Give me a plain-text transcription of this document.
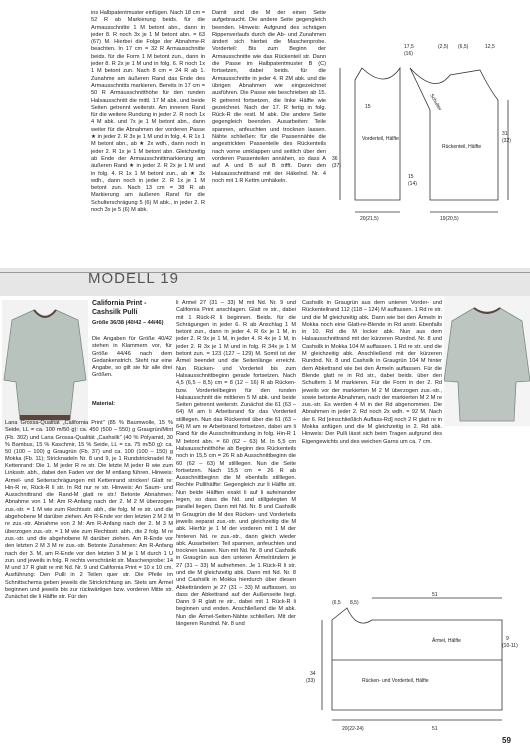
ins Halbpatentmuster einfügen. Nach 18 cm = 52 R ab Markierung beids. für die Armausschnitte 1 M betont abn., dann in jeder 8. R noch 3x je 1 M betont abn. = 63 (67) M. Hierbei die Folge der Abnahme-R beachten. In 17 cm = 32 R Armausschnitte beids. für die Form 1 M betont zun., dann in jeder 8. R 2x je 1 M und in folg. 6. R noch 1x 1 M betont zun. Nach 8 cm = 24 R ab 1. Zunahme am äußeren Rand das Ende des Armausschnitts markieren. Bereits in 17 cm = 50 R Armausschnitthöhe für den runden Halsausschnitt die mittl. 17 M abk. und beide Seiten getrennt weiterstr. Am inneren Rand für die weitere Rundung in jeder 2. R noch 1x 4 M abk. und 7x je 1 M betont abn., dann weiter für die Abnahmen der vorderen Passe ★ in jeder 2. R 3x je 1 M und in folg. 4. R 1x 1 M betont abn., ab ★ 2x wdh., dann noch in jeder 2. R 1x je 1 M betont abn. Gleichzeitig ab Ende der Armausschnittmarkierung am äußeren Rand ★ in jeder 2. R 2x je 1 M und in folg. 4. R 1x 1 M betont zun., ab ★ 3x wdh., dann noch in jeder 2. R 1x je 1 M betont zun. Nach 13 cm = 38 R ab Markierung am äußeren Rand für die Schulterschrägung 5 (6) M abk., in jeder 2. R noch 3x je 5 (6) M abk.

Damit sind die M der einen Seite aufgebraucht. Die andere Seite gegengleich beenden. Hinweis: Aufgrund des schrägen Rippenverlaufs durch die Ab- und Zunahmen ändert sich hierbei die Maschenprobe. Vorderteil: Bis zum Beginn der Armausschnitte wie das Rückenteil str. Dann die Passe im Halbpatentmuster B (C) fortsetzen, dabei beids. für die Armausschnitte in jeder 4. R 2M abk. und die übrigen Abnahmen wie eingezeichnet ausführen. Die Passe wie beschrieben ab 15. R getrennt fortsetzen, die linke Hälfte wie gezeichnet. Nach der 17. R fertig in folg. Rück-R die restl. M abk. Die andere Seite gegengleich beenden. Ausarbeiten: Teile spannen, anfeuchten und trocknen lassen. Nähte schließen: für die Passennähte die angestrickten Passenteile des Rückenteils nach vorne umklappen und seitlich über den vorderen Passenteilen annähen, so dass A auf A und B auf B trifft. Dann den Halsausschnittrand mit der Häkelnd. Nr. 4 noch mit 1 R Kettm umhäkeln.

17,5
(16)
36
(37)
15
20(21,5)
15
(14)
19(20,5)
(2,5) (6,5)	12,5
31
(32)
Vorderteil, Hälfte
Rückenteil, Hälfte
Schulter
MODELL 19
California Print - Cashsilk Pulli

Größe 36/38 (40/42 – 44/46)

Die Angaben für Größe 40/42 stehen in Klammern vor, für Größe 44/46 nach dem Gedankenstrich. Steht nur eine Angabe, so gilt sie für alle drei Größen.

Material:

Lana Grossa-Qualität „California Print" (85 % Baumwolle, 15 % Seide, LL = ca. 100 m/50 g): ca. 450 (500 – 550) g Graugrün/Mint (Fb. 302) und Lana Grossa-Qualität „Cashsilk" (40 % Polyamid, 30 % Bambus, 15 % Kaschmir, 15 % Seide, LL = ca. 75 m/50 g): ca. 50 (100 – 100) g Graugrün (Fb. 37) und ca. 100 (100 – 150) g Mokka (Fb. 11); Stricknadeln Nr. 8 und 9, je 1 Rundstricknadel Nr.

Kettenrand: Die 1. M jeder R re str. Die letzte M jeder R wie zum Linksstr. abh., dabei den Faden vor der M entlang führen. Hinweis: Armel- und Seitenschrägungen mit Kettenrand stricken! Glatt re: Hin-R re, Rück-R li str. In Rd nur re str. Hinweis: An Saum- und Ausschnittrand die Rand-M glatt re str.! Betonte Abnahmen: Abnahme von 1 M: Am R-Anfang nach der 2. M 2 M überzogen zus.-str. = 1 M wie zum Rechtsstr. abh., die folg. M re str. und die abgehobene M darüber ziehen. Am R-Ende vor den letzten 2 M 2 M re zus.-str. Abnahme von 2 M: Am R-Anfang nach der 2. M 3 M überzogen zus.-str. = 1 M wie zum Rechtsstr. abh., die 2 folg. M re zus.-str. und die abgehobene M darüber ziehen. Am R-Ende vor den letzten 2 M 3 M re zus.-str. Betonte Zunahmen: Am R-Anfang nach der 3. M, am R-Ende vor den letzten 3 M je 1 M durch 1 U zun. und jeweils in folg. R rechts verschränkt str. Maschenprobe: 14 M und 17 R glatt re mit Nd. Nr. 9 und California Print = 10 x 10 cm. Ausführung: Den Pulli in 2 Teilen quer str. Die Pfeile im Schnittschema geben jeweils die Strickrichtung an. Stets am Ärmel beginnen und jeweils bis zur rückwärtigen bzw. vorderen Mitte str. Zunächst die li Hälfte str. Für den

li Ärmel 27 (31 – 33) M mit Nd. Nr. 9 und California Print anschlagen. Glatt re str., dabei mit 1 Rück-R li beginnen. Beids. für die Schrägungen in jeder 6. R ab Anschlag 1 M betont zun., dann in jeder 4. R 6x je 1 M, in jeder 2. R 9x je 1 M, in jeder 4. R 4x je 1 M, in jeder 2. R 3x je 1 M und in folg. R 34x je 1 M betont zun. = 123 (127 – 129) M. Somit ist der Ärmel beendet und die Seitenlänge erreicht. Nun Rücken- und Vorderteil bis zum Halsausschnittbeginn gerade fortsetzen. Nach 4,5 (6,5 – 8,5) cm = 8 (12 – 16) R ab Rücken-bzw. Vorderteilbeginn für den runden Halsausschnitt die mittleren 5 M abk. und beide Seiten getrennt weiterstr. Zunächst die 61 (63 – 64) M am li Arbeitsrand für das Vorderteil stilllegen. Nun das Rückenteil über die 61 (63 – 64) M am re Arbeitsrand fortsetzen, dabei am li Rand für die Ausschnittrundung in folg. Hin-R 1 M betont abn. = 60 (62 – 63) M. In 5,5 cm Halsausschnitthöhe ab Beginn des Rückenteils noch in 15,5 cm = 26 R ab Ausschnittbeginn die 60 (62 – 63) M stilllegen. Nun die Seite fortsetzen. Nach 15,5 cm = 26 R ab Ausschnittbeginn die M ebenfalls stilllegen. Rechte Pullihälfte: Gegengleich zur li Hälfte str. Nun beide Hälften exakt li auf li aufeinander legen, so dass die Nd. und stillgelegten M parallel liegen. Dann mit Nd. Nr. 8 und Cashsilk in Graugrün die M des Rücken- und Vorderteils jeweils separat zus.-str. und gleichzeitig die M abk. Hierfür je 1 M der vorderen mit 1 M der hinteren Nd. re zus.-str., dann gleich wieder abk. Ausarbeiten: Teil spannen, anfeuchten und trocknen lassen. Nun mit Nd. Nr. 8 und Cashsilk in Graugrün aus den unteren Ärmelrändern je 27 (31 – 33) M aufnehmen. Je 1 Rück-R li str. und die M gleichzeitig abk. Dann mit Nd. Nr. 8 und Cashsilk in Mokka hierdurch über diesen Abketträndern je 27 (31 – 33) M auffassen, so dass der Abkettrand auf der Außenseite liegt. Dann 9 R glatt re str., dabei mit 1 Rück-R li beginnen und enden. Anschließend die M abk. Nun die Ärmel-Seiten-Nähte schließen. Mit der längeren Rundnd. Nr. 8 und

Cashsilk in Graugrün aus dem unteren Vorder- und Rückenteilrand 112 (118 – 124) M auffassen. 1 Rd re str. und die M gleichzeitig abk. Dann wie bei den Ärmeln in Mokka noch eine Glatt-re-Blende in Rd anstr. Ebenfalls in 10. Rd die M locker abk. Nun aus dem Halsausschnittrand mit der kürzeren Rundnd. Nr. 8 und Cashsilk in Mokka 104 M auffassen. 1 Rd re str. und die M gleichzeitig abk. Anschließend mit der kürzeren Rundnd. Nr. 8 und Cashsilk in Graugrün 104 M hinter dem Abkettrand wie bei den Ärmeln auffassen. Für die Blende glatt re in Rd str., dabei beids. über den Schultern 1 M markieren. Für die Form in der 2. Rd jeweils vor der markierten M 2 M überzogen zus.-str., sowie betonte Abnahmen, nach der markierten M 2 M re zus.-str. Es werden 4 M in der Rd abgenommen. Die Abnahmen in jeder 2. Rd noch 2x wdh. = 92 M. Nach der 6. Rd [einschließlich Auffass-Rd] noch 2 R glatt re in Mokka anfügen und die M gleichzeitig in 2. Rd abk. Hinweis: Der Pulli lässt sich beim Tragen aufgrund des Eigengewichts und des weichen Garns um ca. 7 cm.

(6,5 8,5)
51
34
(33)
Ärmel, Hälfte
Rücken- und Vorderteil, Hälfte
20(22-24)	51
9
(10-11)
59
